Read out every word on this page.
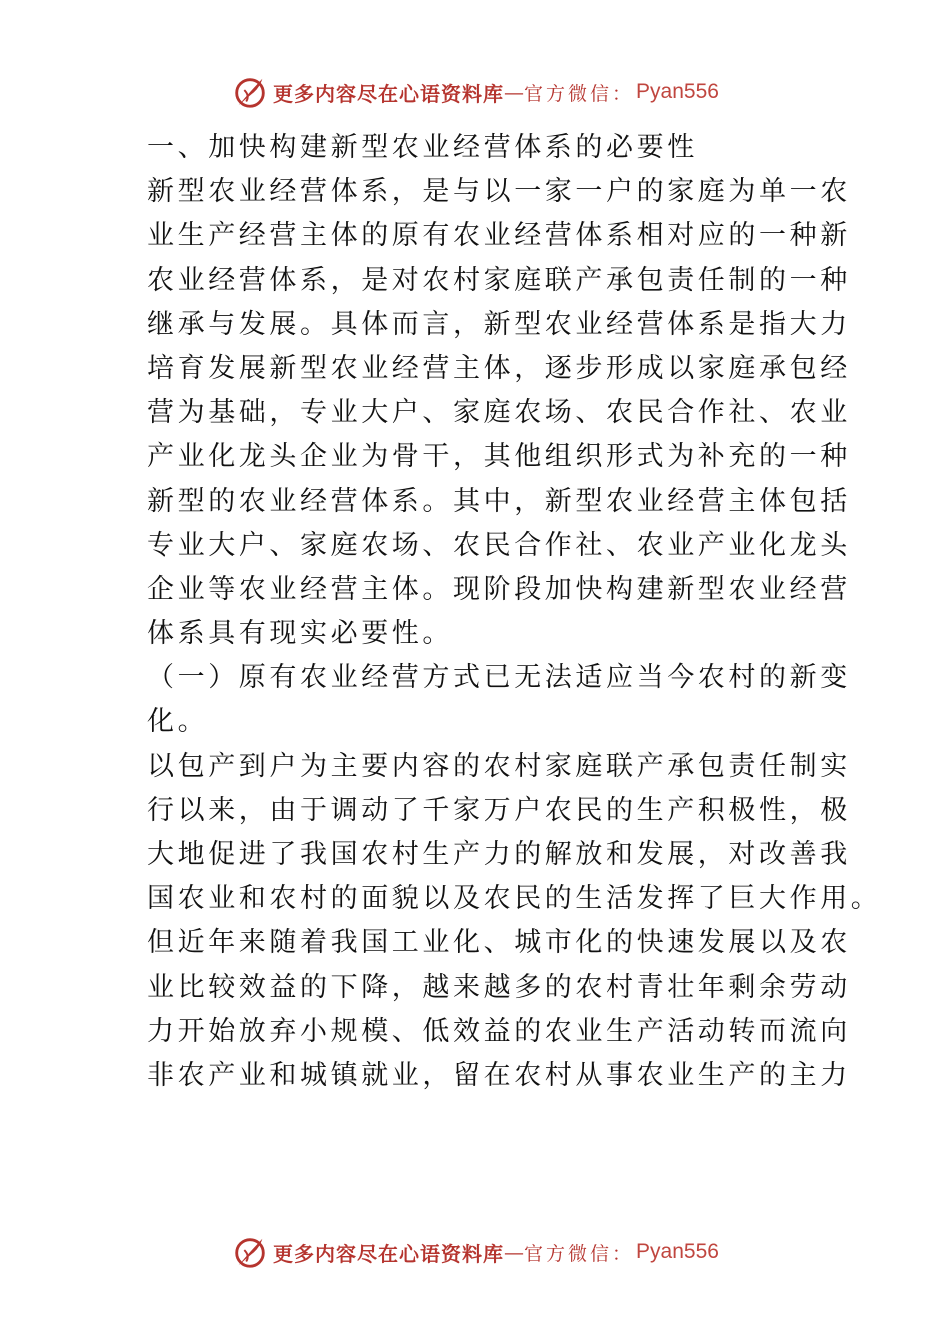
更多内容尽在心语资料库 — 官方微信： Pyan556
一、加快构建新型农业经营体系的必要性
新型农业经营体系，是与以一家一户的家庭为单一农
业生产经营主体的原有农业经营体系相对应的一种新
农业经营体系，是对农村家庭联产承包责任制的一种
继承与发展。具体而言，新型农业经营体系是指大力
培育发展新型农业经营主体，逐步形成以家庭承包经
营为基础，专业大户、家庭农场、农民合作社、农业
产业化龙头企业为骨干，其他组织形式为补充的一种
新型的农业经营体系。其中，新型农业经营主体包括
专业大户、家庭农场、农民合作社、农业产业化龙头
企业等农业经营主体。现阶段加快构建新型农业经营
体系具有现实必要性。
（一）原有农业经营方式已无法适应当今农村的新变
化。
以包产到户为主要内容的农村家庭联产承包责任制实
行以来，由于调动了千家万户农民的生产积极性，极
大地促进了我国农村生产力的解放和发展，对改善我
国农业和农村的面貌以及农民的生活发挥了巨大作用。
但近年来随着我国工业化、城市化的快速发展以及农
业比较效益的下降，越来越多的农村青壮年剩余劳动
力开始放弃小规模、低效益的农业生产活动转而流向
非农产业和城镇就业，留在农村从事农业生产的主力
更多内容尽在心语资料库 — 官方微信： Pyan556
